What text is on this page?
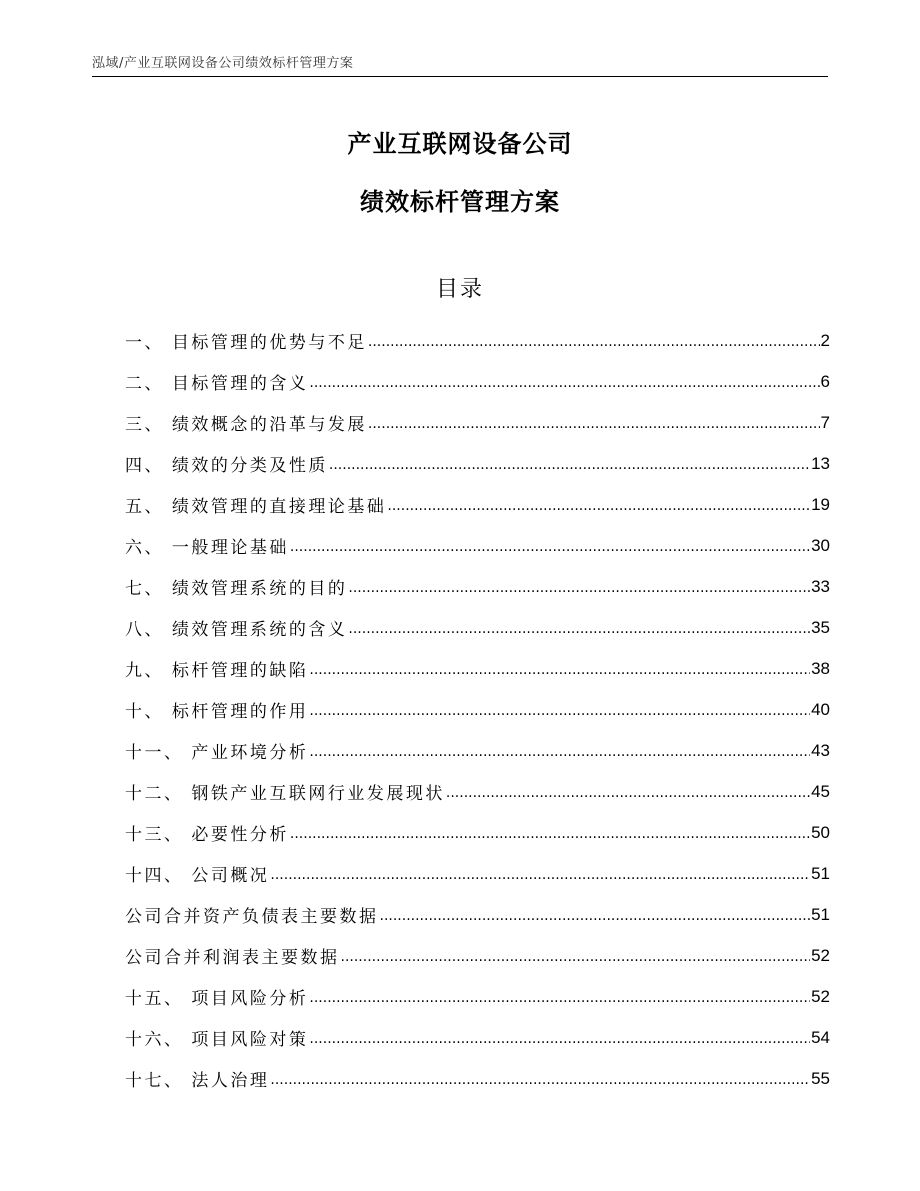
泓域/产业互联网设备公司绩效标杆管理方案
产业互联网设备公司
绩效标杆管理方案
目录
一、 目标管理的优势与不足 .....	2
二、 目标管理的含义 .....	6
三、 绩效概念的沿革与发展 .....	7
四、 绩效的分类及性质 .....	13
五、 绩效管理的直接理论基础 .....	19
六、 一般理论基础 .....	30
七、 绩效管理系统的目的 .....	33
八、 绩效管理系统的含义 .....	35
九、 标杆管理的缺陷 .....	38
十、 标杆管理的作用 .....	40
十一、 产业环境分析 .....	43
十二、 钢铁产业互联网行业发展现状 .....	45
十三、 必要性分析 .....	50
十四、 公司概况 .....	51
公司合并资产负债表主要数据 .....	51
公司合并利润表主要数据 .....	52
十五、 项目风险分析 .....	52
十六、 项目风险对策 .....	54
十七、 法人治理 .....	55
